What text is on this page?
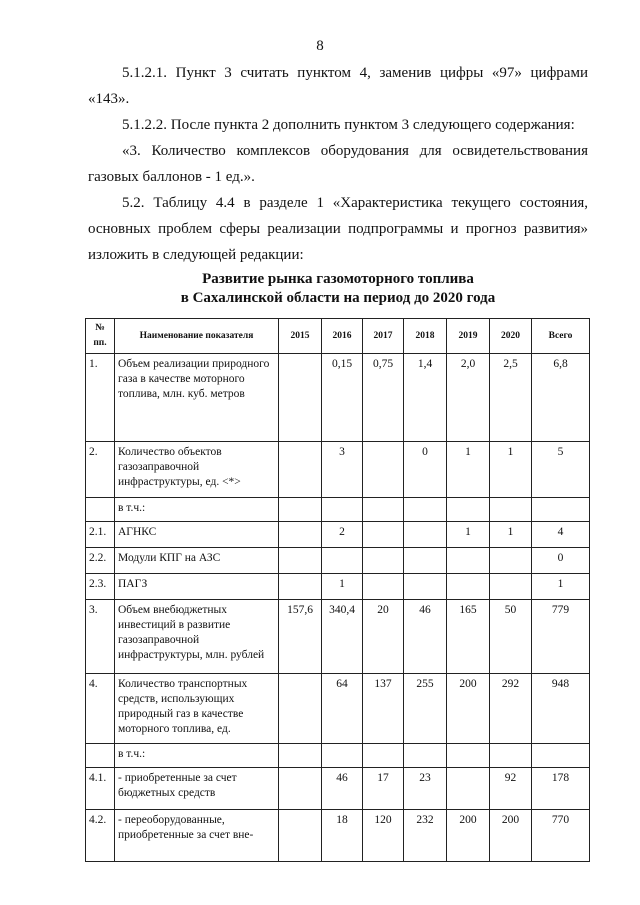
8

5.1.2.1. Пункт 3 считать пунктом 4, заменив цифры «97» цифрами «143».

5.1.2.2. После пункта 2 дополнить пунктом 3 следующего содержания:

«3. Количество комплексов оборудования для освидетельствования газовых баллонов - 1 ед.».

5.2. Таблицу 4.4 в разделе 1 «Характеристика текущего состояния, основных проблем сферы реализации подпрограммы и прогноз развития» изложить в следующей редакции:

Развитие рынка газомоторного топлива
в Сахалинской области на период до 2020 года
№ пп.	Наименование показателя	2015	2016	2017	2018	2019	2020	Всего
1.	Объем реализации природного газа в качестве моторного топлива, млн. куб. метров		0,15	0,75	1,4	2,0	2,5	6,8
2.	Количество объектов газозаправочной инфраструктуры, ед. <*>		3		0	1	1	5
	в т.ч.:							
2.1.	АГНКС		2			1	1	4
2.2.	Модули КПГ на АЗС							0
2.3.	ПАГЗ		1					1
3.	Объем внебюджетных инвестиций в развитие газозаправочной инфраструктуры, млн. рублей	157,6	340,4	20	46	165	50	779
4.	Количество транспортных средств, использующих природный газ в качестве моторного топлива, ед.		64	137	255	200	292	948
	в т.ч.:							
4.1.	- приобретенные за счет бюджетных средств		46	17	23		92	178
4.2.	- переоборудованные, приобретенные за счет вне-		18	120	232	200	200	770
